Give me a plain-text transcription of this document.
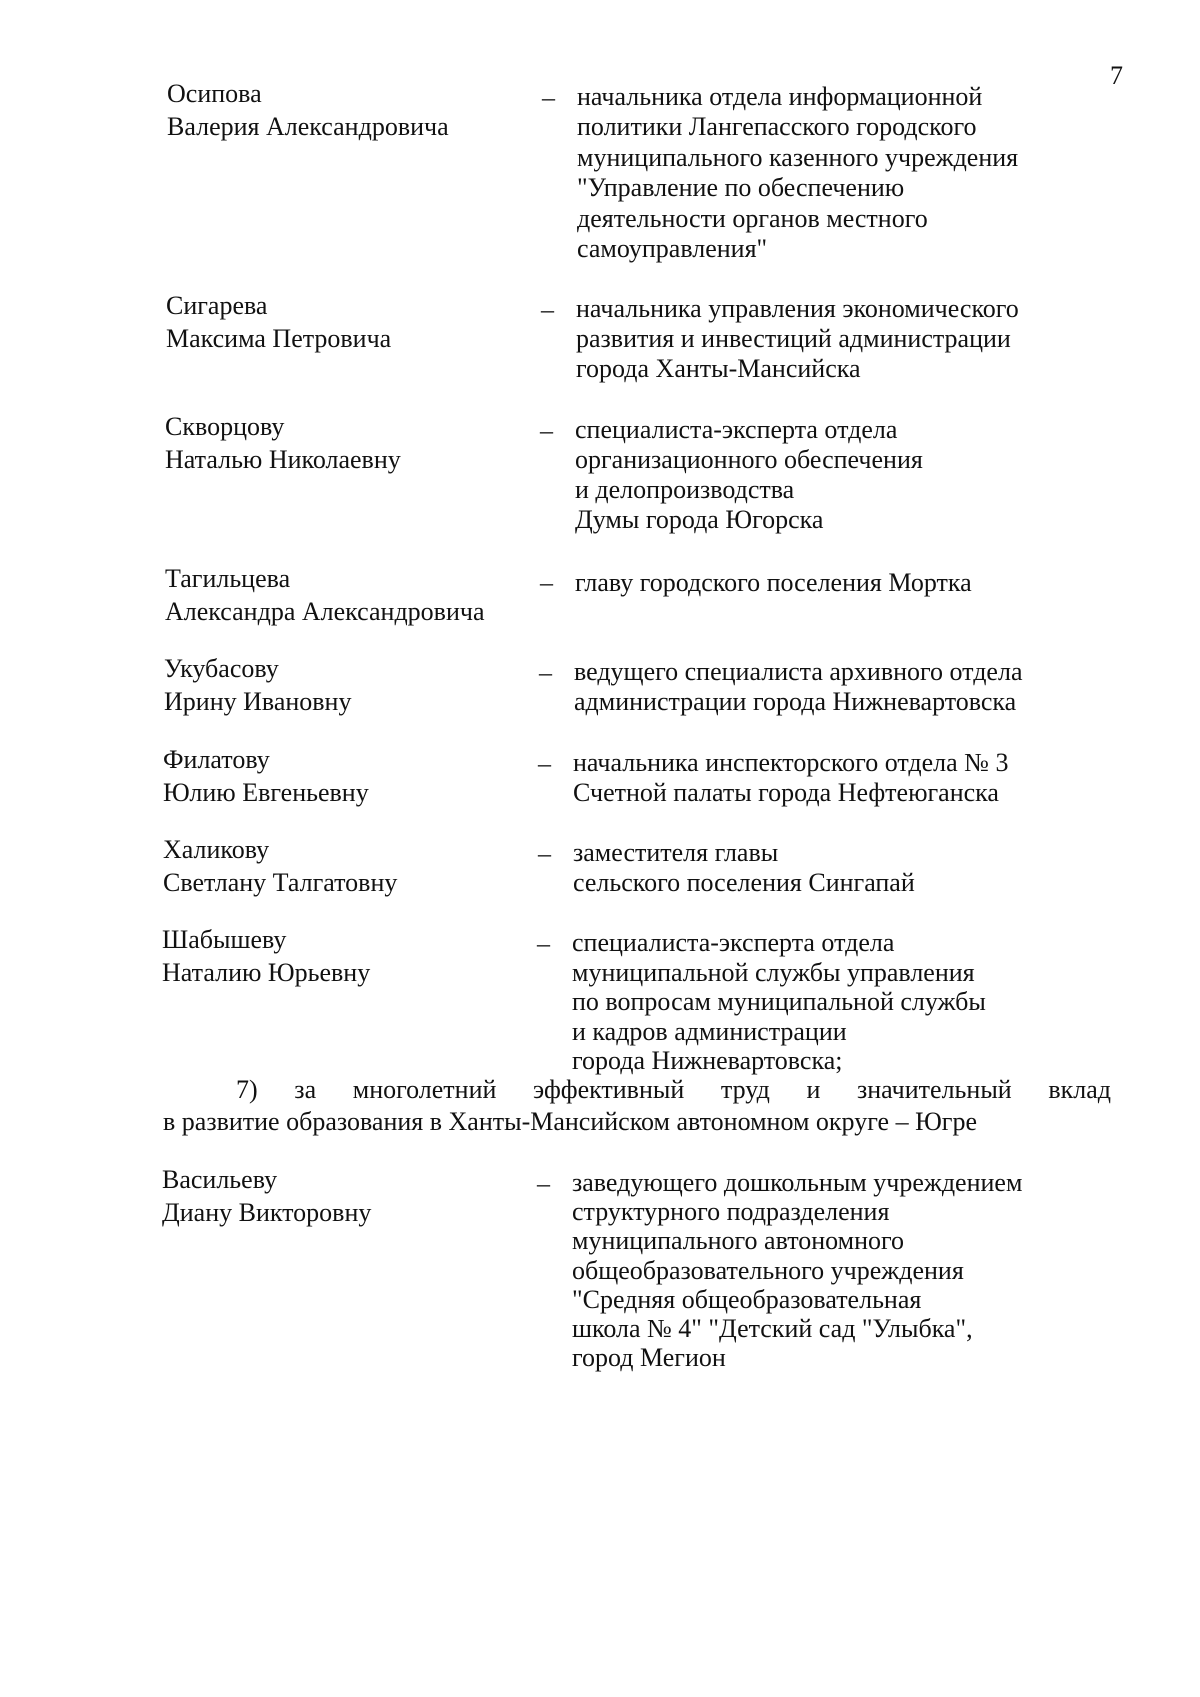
7
Осипова
Валерия Александровича
– начальника отдела информационной
политики Лангепасского городского
муниципального казенного учреждения
"Управление по обеспечению
деятельности органов местного
самоуправления"
Сигарева
Максима Петровича
– начальника управления экономического
развития и инвестиций администрации
города Ханты-Мансийска
Скворцову
Наталью Николаевну
– специалиста-эксперта отдела
организационного обеспечения
и делопроизводства
Думы города Югорска
Тагильцева
Александра Александровича
– главу городского поселения Мортка
Укубасову
Ирину Ивановну
– ведущего специалиста архивного отдела
администрации города Нижневартовска
Филатову
Юлию Евгеньевну
– начальника инспекторского отдела № 3
Счетной палаты города Нефтеюганска
Халикову
Светлану Талгатовну
– заместителя главы
сельского поселения Сингапай
Шабышеву
Наталию Юрьевну
– специалиста-эксперта отдела
муниципальной службы управления
по вопросам муниципальной службы
и кадров администрации
города Нижневартовска;
7) за многолетний эффективный труд и значительный вклад
в развитие образования в Ханты-Мансийском автономном округе – Югре
Васильеву
Диану Викторовну
– заведующего дошкольным учреждением
структурного подразделения
муниципального автономного
общеобразовательного учреждения
"Средняя общеобразовательная
школа № 4" "Детский сад "Улыбка",
город Мегион
